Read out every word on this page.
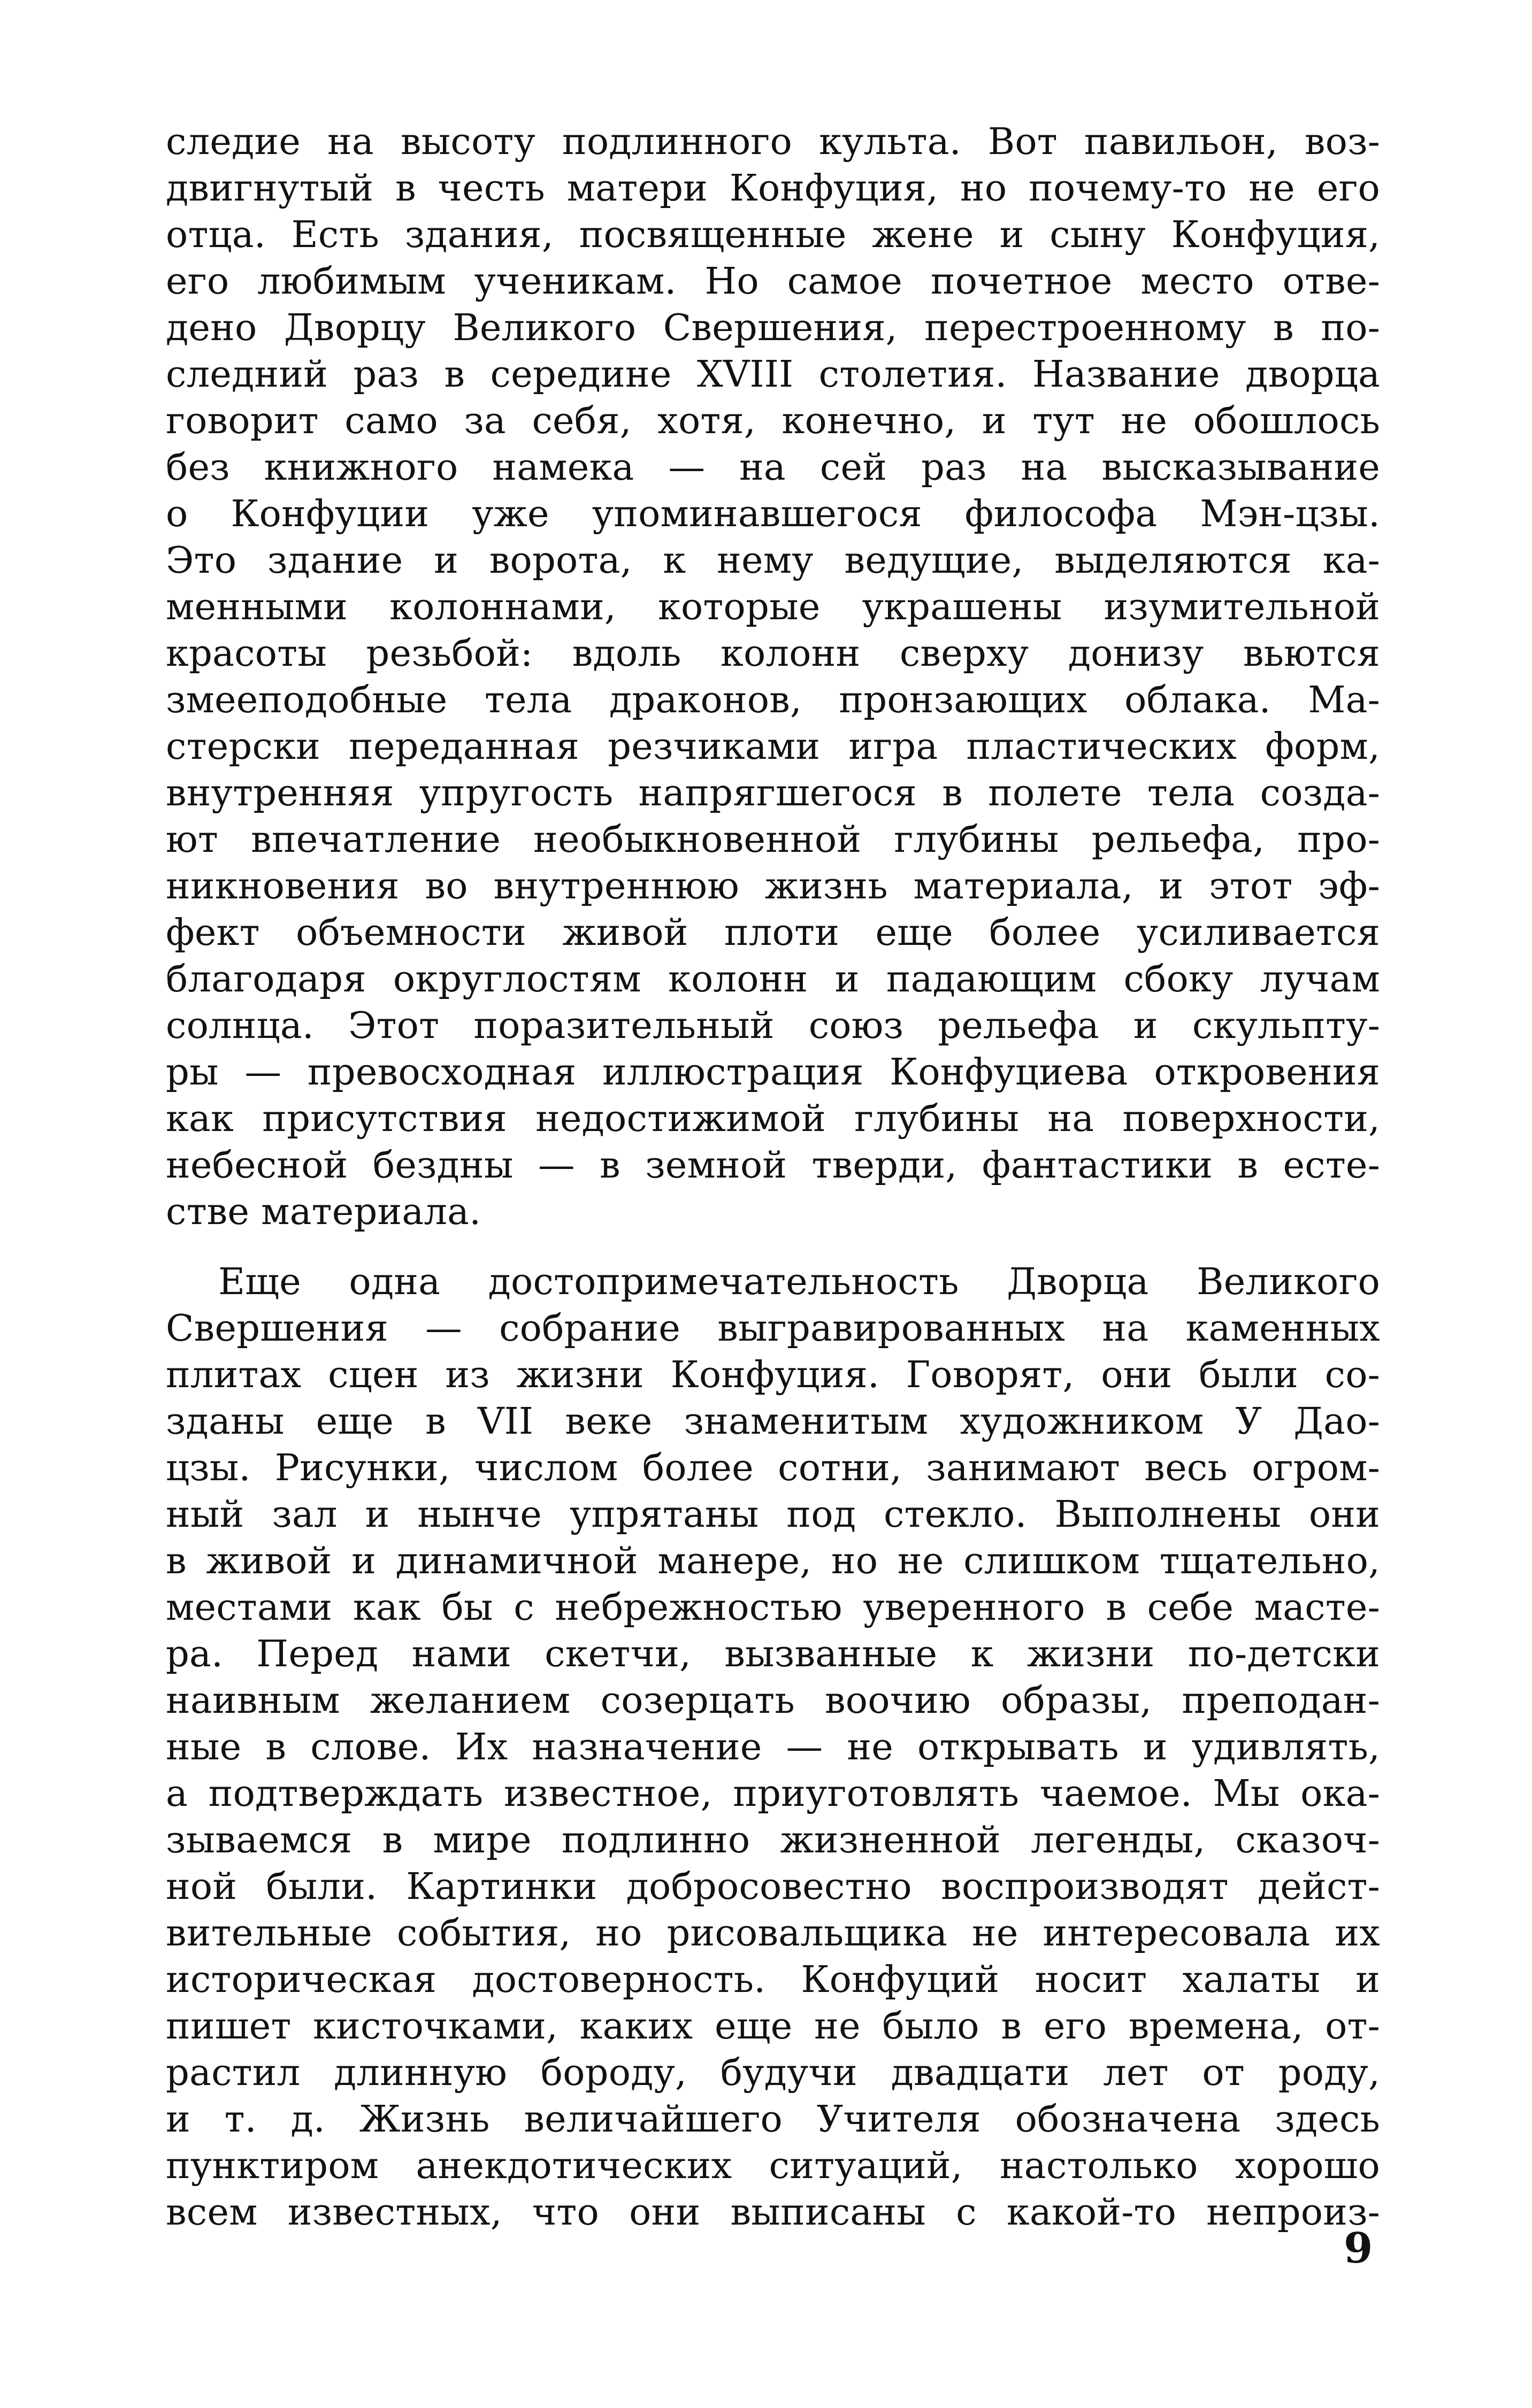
следие на высоту подлинного культа. Вот павильон, воз-
двигнутый в честь матери Конфуция, но почему-то не его
отца. Есть здания, посвященные жене и сыну Конфуция,
его любимым ученикам. Но самое почетное место отве-
дено Дворцу Великого Свершения, перестроенному в по-
следний раз в середине XVIII столетия. Название дворца
говорит само за себя, хотя, конечно, и тут не обошлось
без книжного намека — на сей раз на высказывание
о Конфуции уже упоминавшегося философа Мэн-цзы.
Это здание и ворота, к нему ведущие, выделяются ка-
менными колоннами, которые украшены изумительной
красоты резьбой: вдоль колонн сверху донизу вьются
змееподобные тела драконов, пронзающих облака. Ма-
стерски переданная резчиками игра пластических форм,
внутренняя упругость напрягшегося в полете тела созда-
ют впечатление необыкновенной глубины рельефа, про-
никновения во внутреннюю жизнь материала, и этот эф-
фект объемности живой плоти еще более усиливается
благодаря округлостям колонн и падающим сбоку лучам
солнца. Этот поразительный союз рельефа и скульпту-
ры — превосходная иллюстрация Конфуциева откровения
как присутствия недостижимой глубины на поверхности,
небесной бездны — в земной тверди, фантастики в есте-
стве материала.
Еще одна достопримечательность Дворца Великого
Свершения — собрание выгравированных на каменных
плитах сцен из жизни Конфуция. Говорят, они были со-
зданы еще в VII веке знаменитым художником У Дао-
цзы. Рисунки, числом более сотни, занимают весь огром-
ный зал и нынче упрятаны под стекло. Выполнены они
в живой и динамичной манере, но не слишком тщательно,
местами как бы с небрежностью уверенного в себе масте-
ра. Перед нами скетчи, вызванные к жизни по-детски
наивным желанием созерцать воочию образы, преподан-
ные в слове. Их назначение — не открывать и удивлять,
а подтверждать известное, приуготовлять чаемое. Мы ока-
зываемся в мире подлинно жизненной легенды, сказоч-
ной были. Картинки добросовестно воспроизводят дейст-
вительные события, но рисовальщика не интересовала их
историческая достоверность. Конфуций носит халаты и
пишет кисточками, каких еще не было в его времена, от-
растил длинную бороду, будучи двадцати лет от роду,
и т. д. Жизнь величайшего Учителя обозначена здесь
пунктиром анекдотических ситуаций, настолько хорошо
всем известных, что они выписаны с какой-то непроиз-
9
